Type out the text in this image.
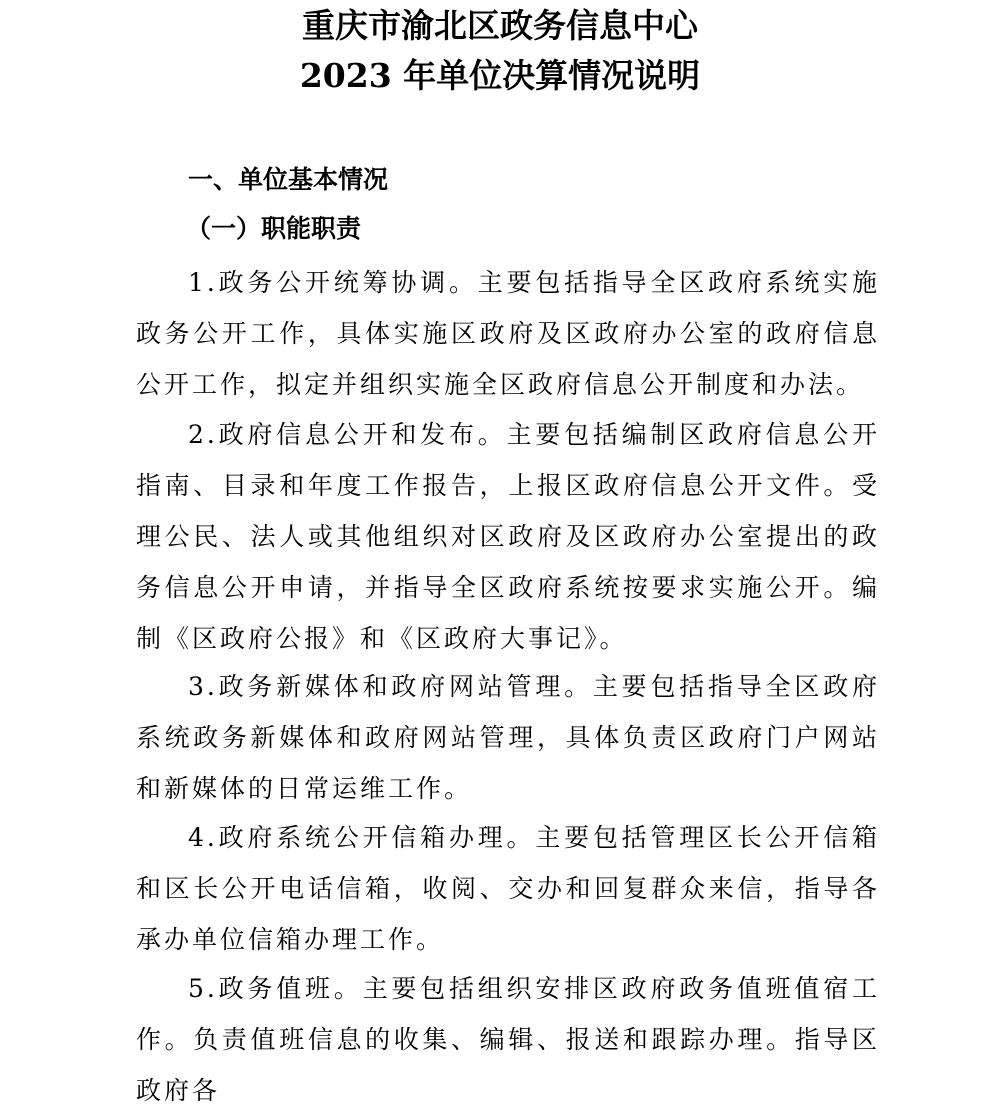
重庆市渝北区政务信息中心
2023 年单位决算情况说明
一、单位基本情况
（一）职能职责

1.政务公开统筹协调。主要包括指导全区政府系统实施政务公开工作，具体实施区政府及区政府办公室的政府信息公开工作，拟定并组织实施全区政府信息公开制度和办法。

2.政府信息公开和发布。主要包括编制区政府信息公开指南、目录和年度工作报告，上报区政府信息公开文件。受理公民、法人或其他组织对区政府及区政府办公室提出的政务信息公开申请，并指导全区政府系统按要求实施公开。编制《区政府公报》和《区政府大事记》。

3.政务新媒体和政府网站管理。主要包括指导全区政府系统政务新媒体和政府网站管理，具体负责区政府门户网站和新媒体的日常运维工作。

4.政府系统公开信箱办理。主要包括管理区长公开信箱和区长公开电话信箱，收阅、交办和回复群众来信，指导各承办单位信箱办理工作。

5.政务值班。主要包括组织安排区政府政务值班值宿工作。负责值班信息的收集、编辑、报送和跟踪办理。指导区政府各
